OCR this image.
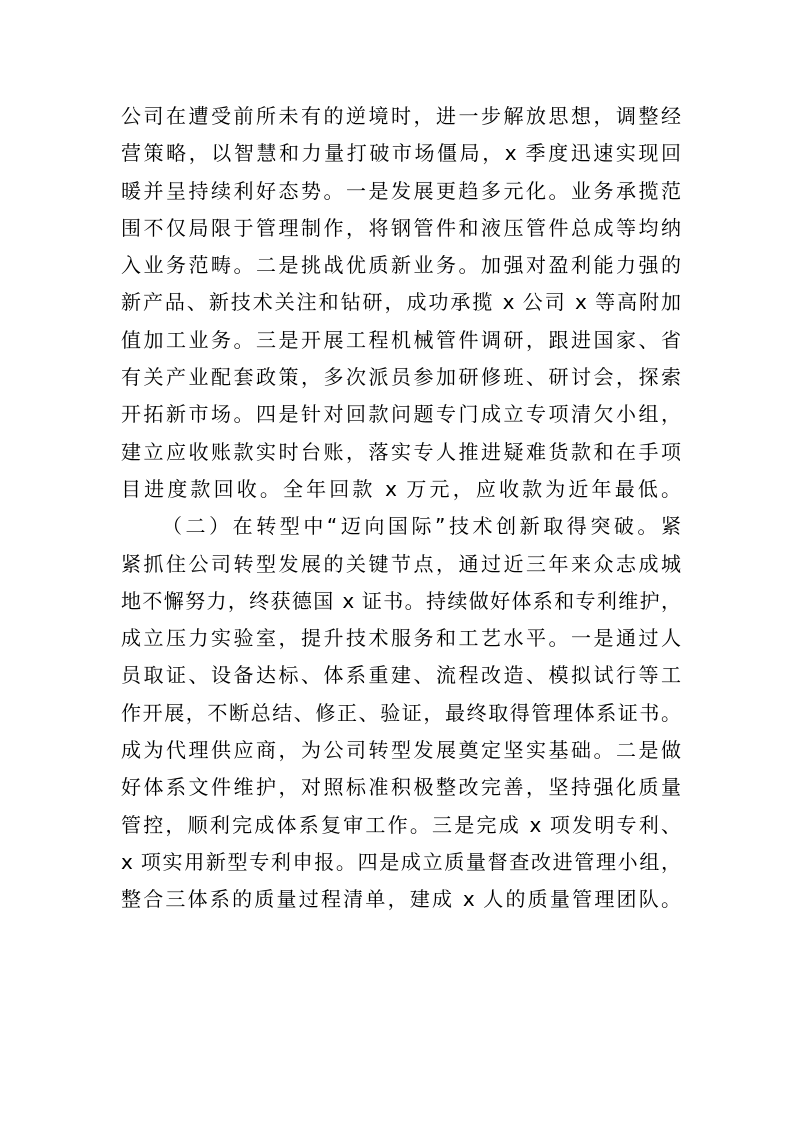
公司在遭受前所未有的逆境时，进一步解放思想，调整经
营策略，以智慧和力量打破市场僵局，x 季度迅速实现回
暖并呈持续利好态势。一是发展更趋多元化。业务承揽范
围不仅局限于管理制作，将钢管件和液压管件总成等均纳
入业务范畴。二是挑战优质新业务。加强对盈利能力强的
新产品、新技术关注和钻研，成功承揽 x 公司 x 等高附加
值加工业务。三是开展工程机械管件调研，跟进国家、省
有关产业配套政策，多次派员参加研修班、研讨会，探索
开拓新市场。四是针对回款问题专门成立专项清欠小组，
建立应收账款实时台账，落实专人推进疑难货款和在手项
目进度款回收。全年回款 x 万元，应收款为近年最低。
（二）在转型中“迈向国际”技术创新取得突破。紧
紧抓住公司转型发展的关键节点，通过近三年来众志成城
地不懈努力，终获德国 x 证书。持续做好体系和专利维护，
成立压力实验室，提升技术服务和工艺水平。一是通过人
员取证、设备达标、体系重建、流程改造、模拟试行等工
作开展，不断总结、修正、验证，最终取得管理体系证书。
成为代理供应商，为公司转型发展奠定坚实基础。二是做
好体系文件维护，对照标准积极整改完善，坚持强化质量
管控，顺利完成体系复审工作。三是完成 x 项发明专利、
x 项实用新型专利申报。四是成立质量督查改进管理小组，
整合三体系的质量过程清单，建成 x 人的质量管理团队。
